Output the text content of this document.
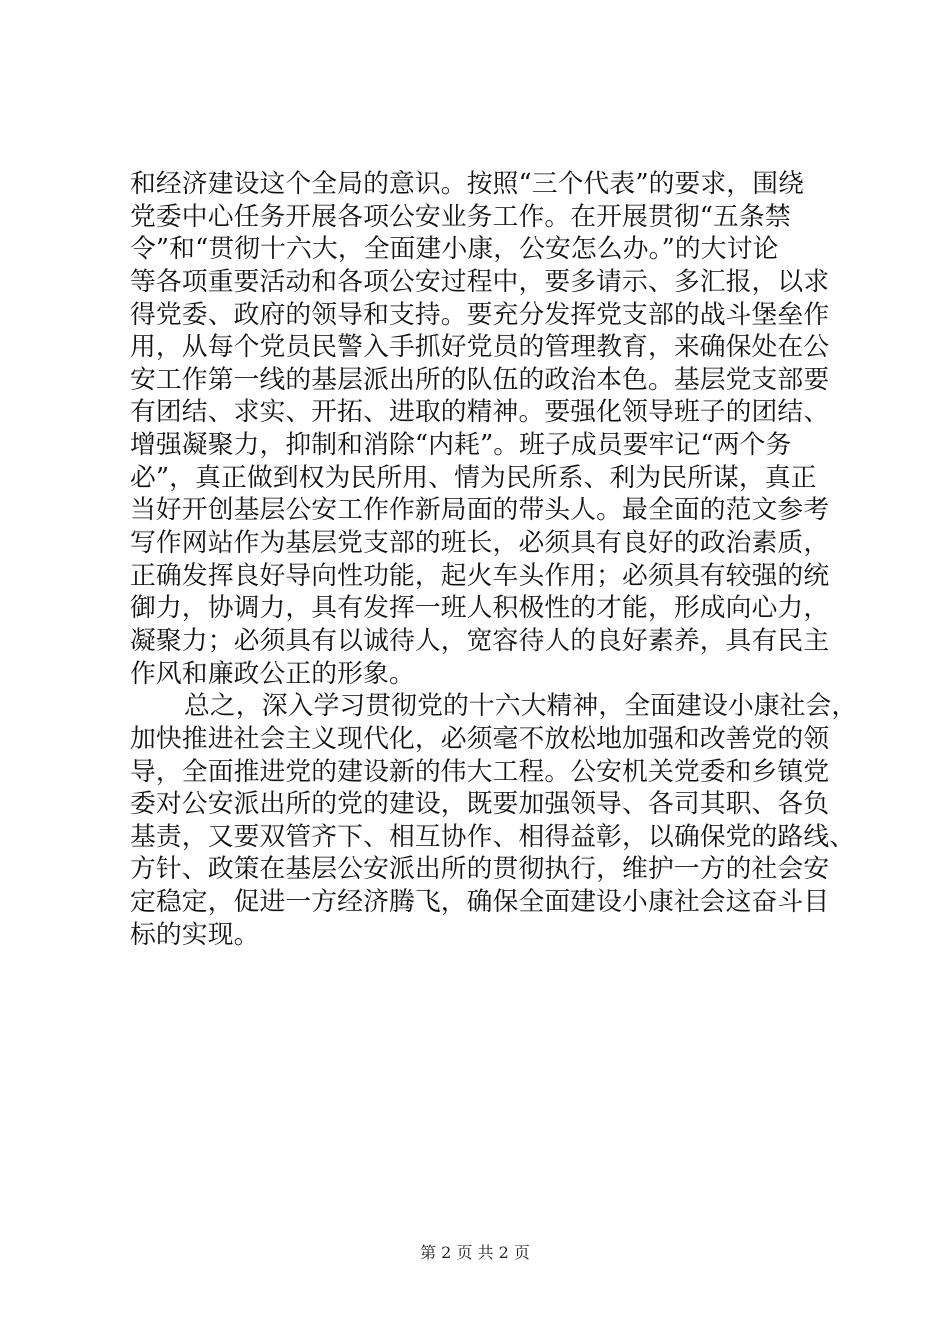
和经济建设这个全局的意识。按照“三个代表”的要求，围绕
党委中心任务开展各项公安业务工作。在开展贯彻“五条禁
令”和“贯彻十六大，全面建小康，公安怎么办。”的大讨论
等各项重要活动和各项公安过程中，要多请示、多汇报，以求
得党委、政府的领导和支持。要充分发挥党支部的战斗堡垒作
用，从每个党员民警入手抓好党员的管理教育，来确保处在公
安工作第一线的基层派出所的队伍的政治本色。基层党支部要
有团结、求实、开拓、进取的精神。要强化领导班子的团结、
增强凝聚力，抑制和消除“内耗”。班子成员要牢记“两个务
必”，真正做到权为民所用、情为民所系、利为民所谋，真正
当好开创基层公安工作作新局面的带头人。最全面的范文参考
写作网站作为基层党支部的班长，必须具有良好的政治素质，
正确发挥良好导向性功能，起火车头作用；必须具有较强的统
御力，协调力，具有发挥一班人积极性的才能，形成向心力，
凝聚力；必须具有以诚待人，宽容待人的良好素养，具有民主
作风和廉政公正的形象。
总之，深入学习贯彻党的十六大精神，全面建设小康社会，
加快推进社会主义现代化，必须毫不放松地加强和改善党的领
导，全面推进党的建设新的伟大工程。公安机关党委和乡镇党
委对公安派出所的党的建设，既要加强领导、各司其职、各负
基责，又要双管齐下、相互协作、相得益彰，以确保党的路线、
方针、政策在基层公安派出所的贯彻执行，维护一方的社会安
定稳定，促进一方经济腾飞，确保全面建设小康社会这奋斗目
标的实现。
第 2 页 共 2 页
